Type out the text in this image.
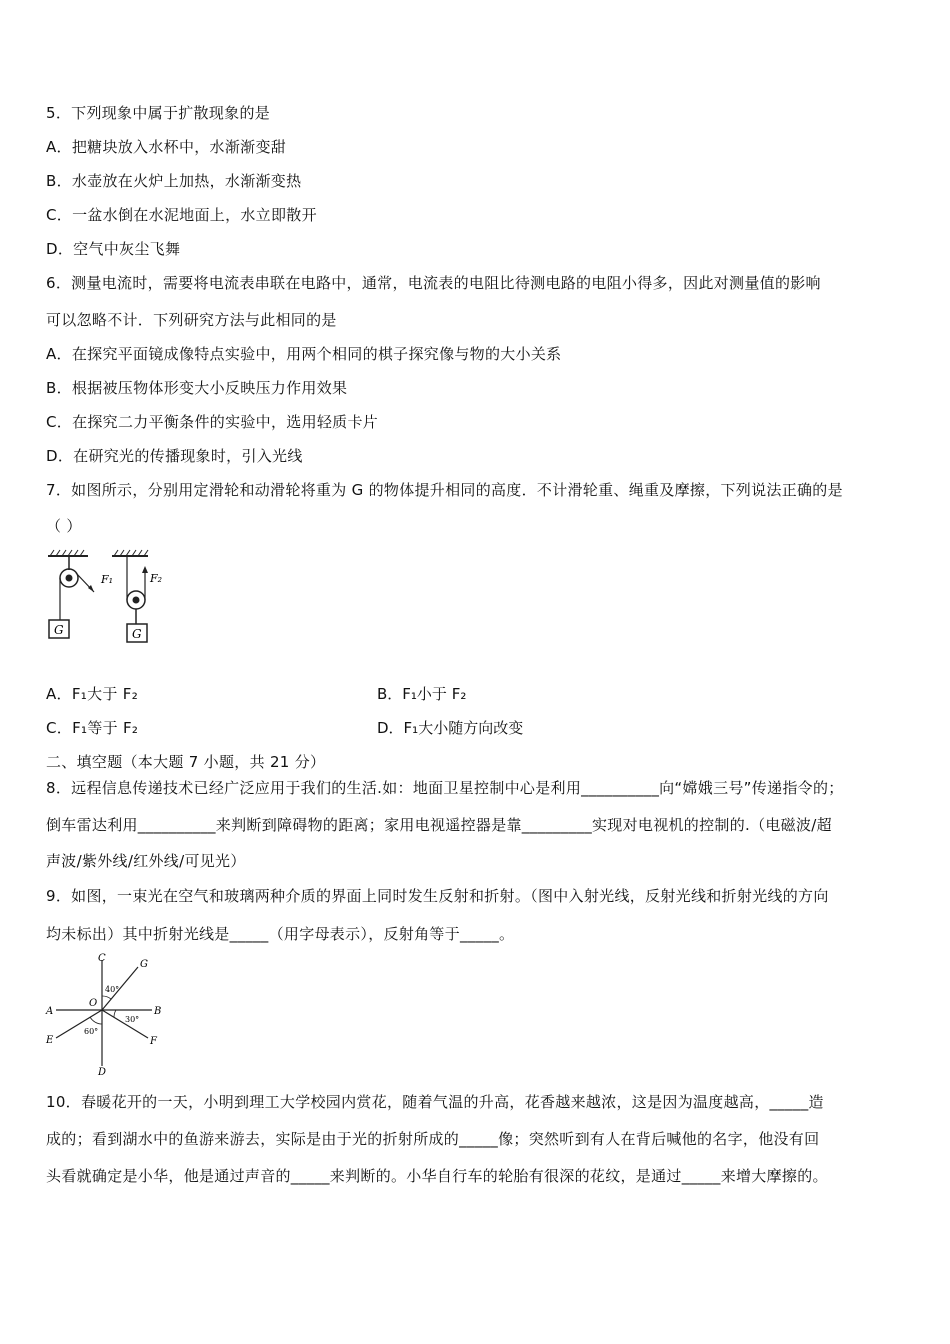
5．下列现象中属于扩散现象的是
A．把糖块放入水杯中，水渐渐变甜
B．水壶放在火炉上加热，水渐渐变热
C．一盆水倒在水泥地面上，水立即散开
D．空气中灰尘飞舞
6．测量电流时，需要将电流表串联在电路中，通常，电流表的电阻比待测电路的电阻小得多，因此对测量值的影响
可以忽略不计．下列研究方法与此相同的是
A．在探究平面镜成像特点实验中，用两个相同的棋子探究像与物的大小关系
B．根据被压物体形变大小反映压力作用效果
C．在探究二力平衡条件的实验中，选用轻质卡片
D．在研究光的传播现象时，引入光线
7．如图所示，分别用定滑轮和动滑轮将重为 G 的物体提升相同的高度．不计滑轮重、绳重及摩擦，下列说法正确的是
（ ）
G
F₁
G
F₂
A．F₁大于 F₂	B．F₁小于 F₂
C．F₁等于 F₂	D．F₁大小随方向改变
二、填空题（本大题 7 小题，共 21 分）
8．远程信息传递技术已经广泛应用于我们的生活.如：地面卫星控制中心是利用__________向“嫦娥三号”传递指令的；
倒车雷达利用__________来判断到障碍物的距离；家用电视遥控器是靠_________实现对电视机的控制的.（电磁波/超
声波/紫外线/红外线/可见光）
9．如图，一束光在空气和玻璃两种介质的界面上同时发生反射和折射。（图中入射光线，反射光线和折射光线的方向
均未标出）其中折射光线是_____（用字母表示），反射角等于_____。
C
G
A	B
E	F
D
O
40°
30°
60°
10．春暖花开的一天，小明到理工大学校园内赏花，随着气温的升高，花香越来越浓，这是因为温度越高，_____造
成的；看到湖水中的鱼游来游去，实际是由于光的折射所成的_____像；突然听到有人在背后喊他的名字，他没有回
头看就确定是小华，他是通过声音的_____来判断的。小华自行车的轮胎有很深的花纹，是通过_____来增大摩擦的。
